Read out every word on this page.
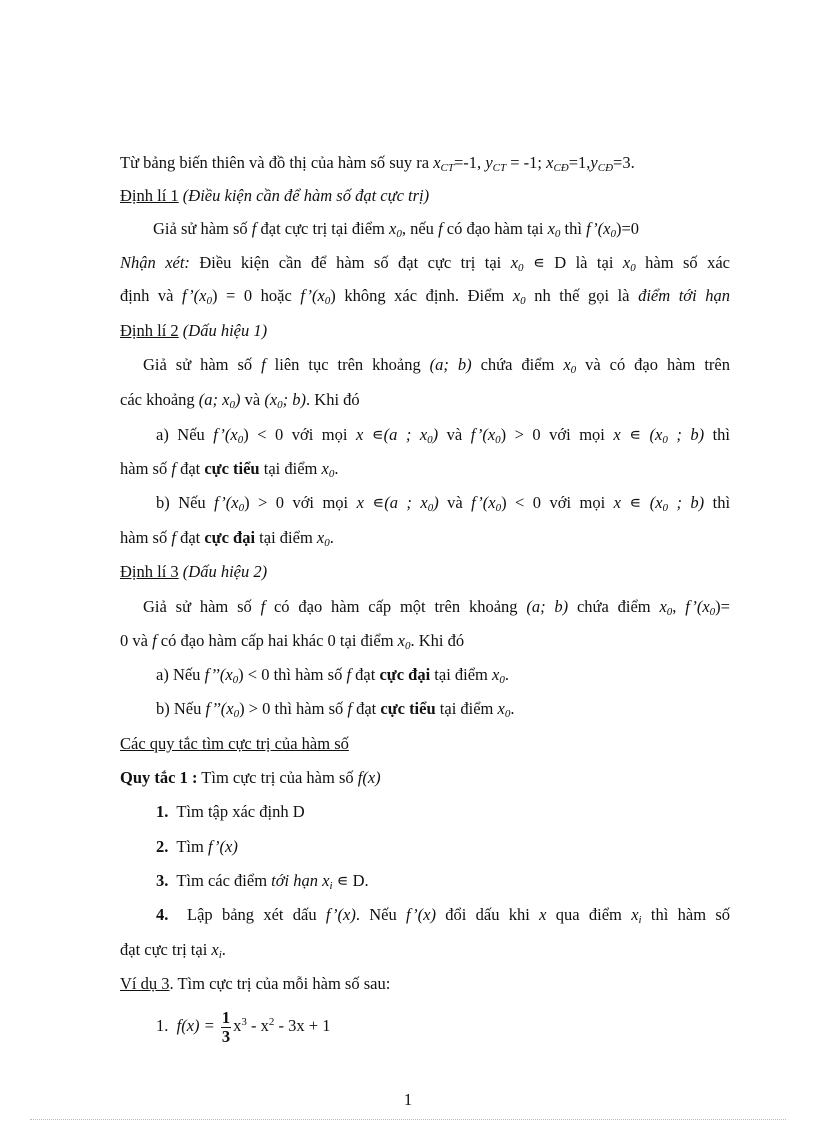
Từ bảng biến thiên và đồ thị của hàm số suy ra $x_{CT}=-1$, $y_{CT} = -1$; $x_{CĐ}=1,y_{CĐ}=3$.
Định lí 1 (Điều kiện cần để hàm số đạt cực trị)
Giả sử hàm số f đạt cực trị tại điểm $x_0$, nếu f có đạo hàm tại $x_0$ thì $f’(x_0)=0$
Nhận xét: Điều kiện cần để hàm số đạt cực trị tại $x_0$ ∊ D là tại $x_0$ hàm số xác
định và $f’(x_0) = 0$ hoặc $f’(x_0)$ không xác định. Điểm $x_0$ nh thế gọi là điểm tới hạn
Định lí 2 (Dấu hiệu 1)
Giả sử hàm số f liên tục trên khoảng (a; b) chứa điểm $x_0$ và có đạo hàm trên
các khoảng (a; $x_0$) và ($x_0$; b). Khi đó
a) Nếu $f’(x_0) < 0$ với mọi x ∊(a ; $x_0$) và $f’(x_0) > 0$ với mọi x ∊ ($x_0$ ; b) thì
hàm số f đạt cực tiểu tại điểm $x_0$.
b) Nếu $f’(x_0) > 0$ với mọi x ∊(a ; $x_0$) và $f’(x_0) < 0$ với mọi x ∊ ($x_0$ ; b) thì
hàm số f đạt cực đại tại điểm $x_0$.
Định lí 3 (Dấu hiệu 2)
Giả sử hàm số f có đạo hàm cấp một trên khoảng (a; b) chứa điểm $x_0$, $f’(x_0)=$
0 và f có đạo hàm cấp hai khác 0 tại điểm $x_0$. Khi đó
a) Nếu $f’’(x_0) < 0$ thì hàm số f đạt cực đại tại điểm $x_0$.
b) Nếu $f’’(x_0) > 0$ thì hàm số f đạt cực tiểu tại điểm $x_0$.
Các quy tắc tìm cực trị của hàm số
Quy tắc 1 : Tìm cực trị của hàm số f(x)
1. Tìm tập xác định D
2. Tìm f’(x)
3. Tìm các điểm tới hạn $x_i$ ∊ D.
4. Lập bảng xét dấu f’(x). Nếu f’(x) đổi dấu khi x qua điểm $x_i$ thì hàm số
đạt cực trị tại $x_i$.
Ví dụ 3. Tìm cực trị của mỗi hàm số sau:
1. $f(x) = \frac{1}{3} x^3 - x^2 - 3x + 1$
1
